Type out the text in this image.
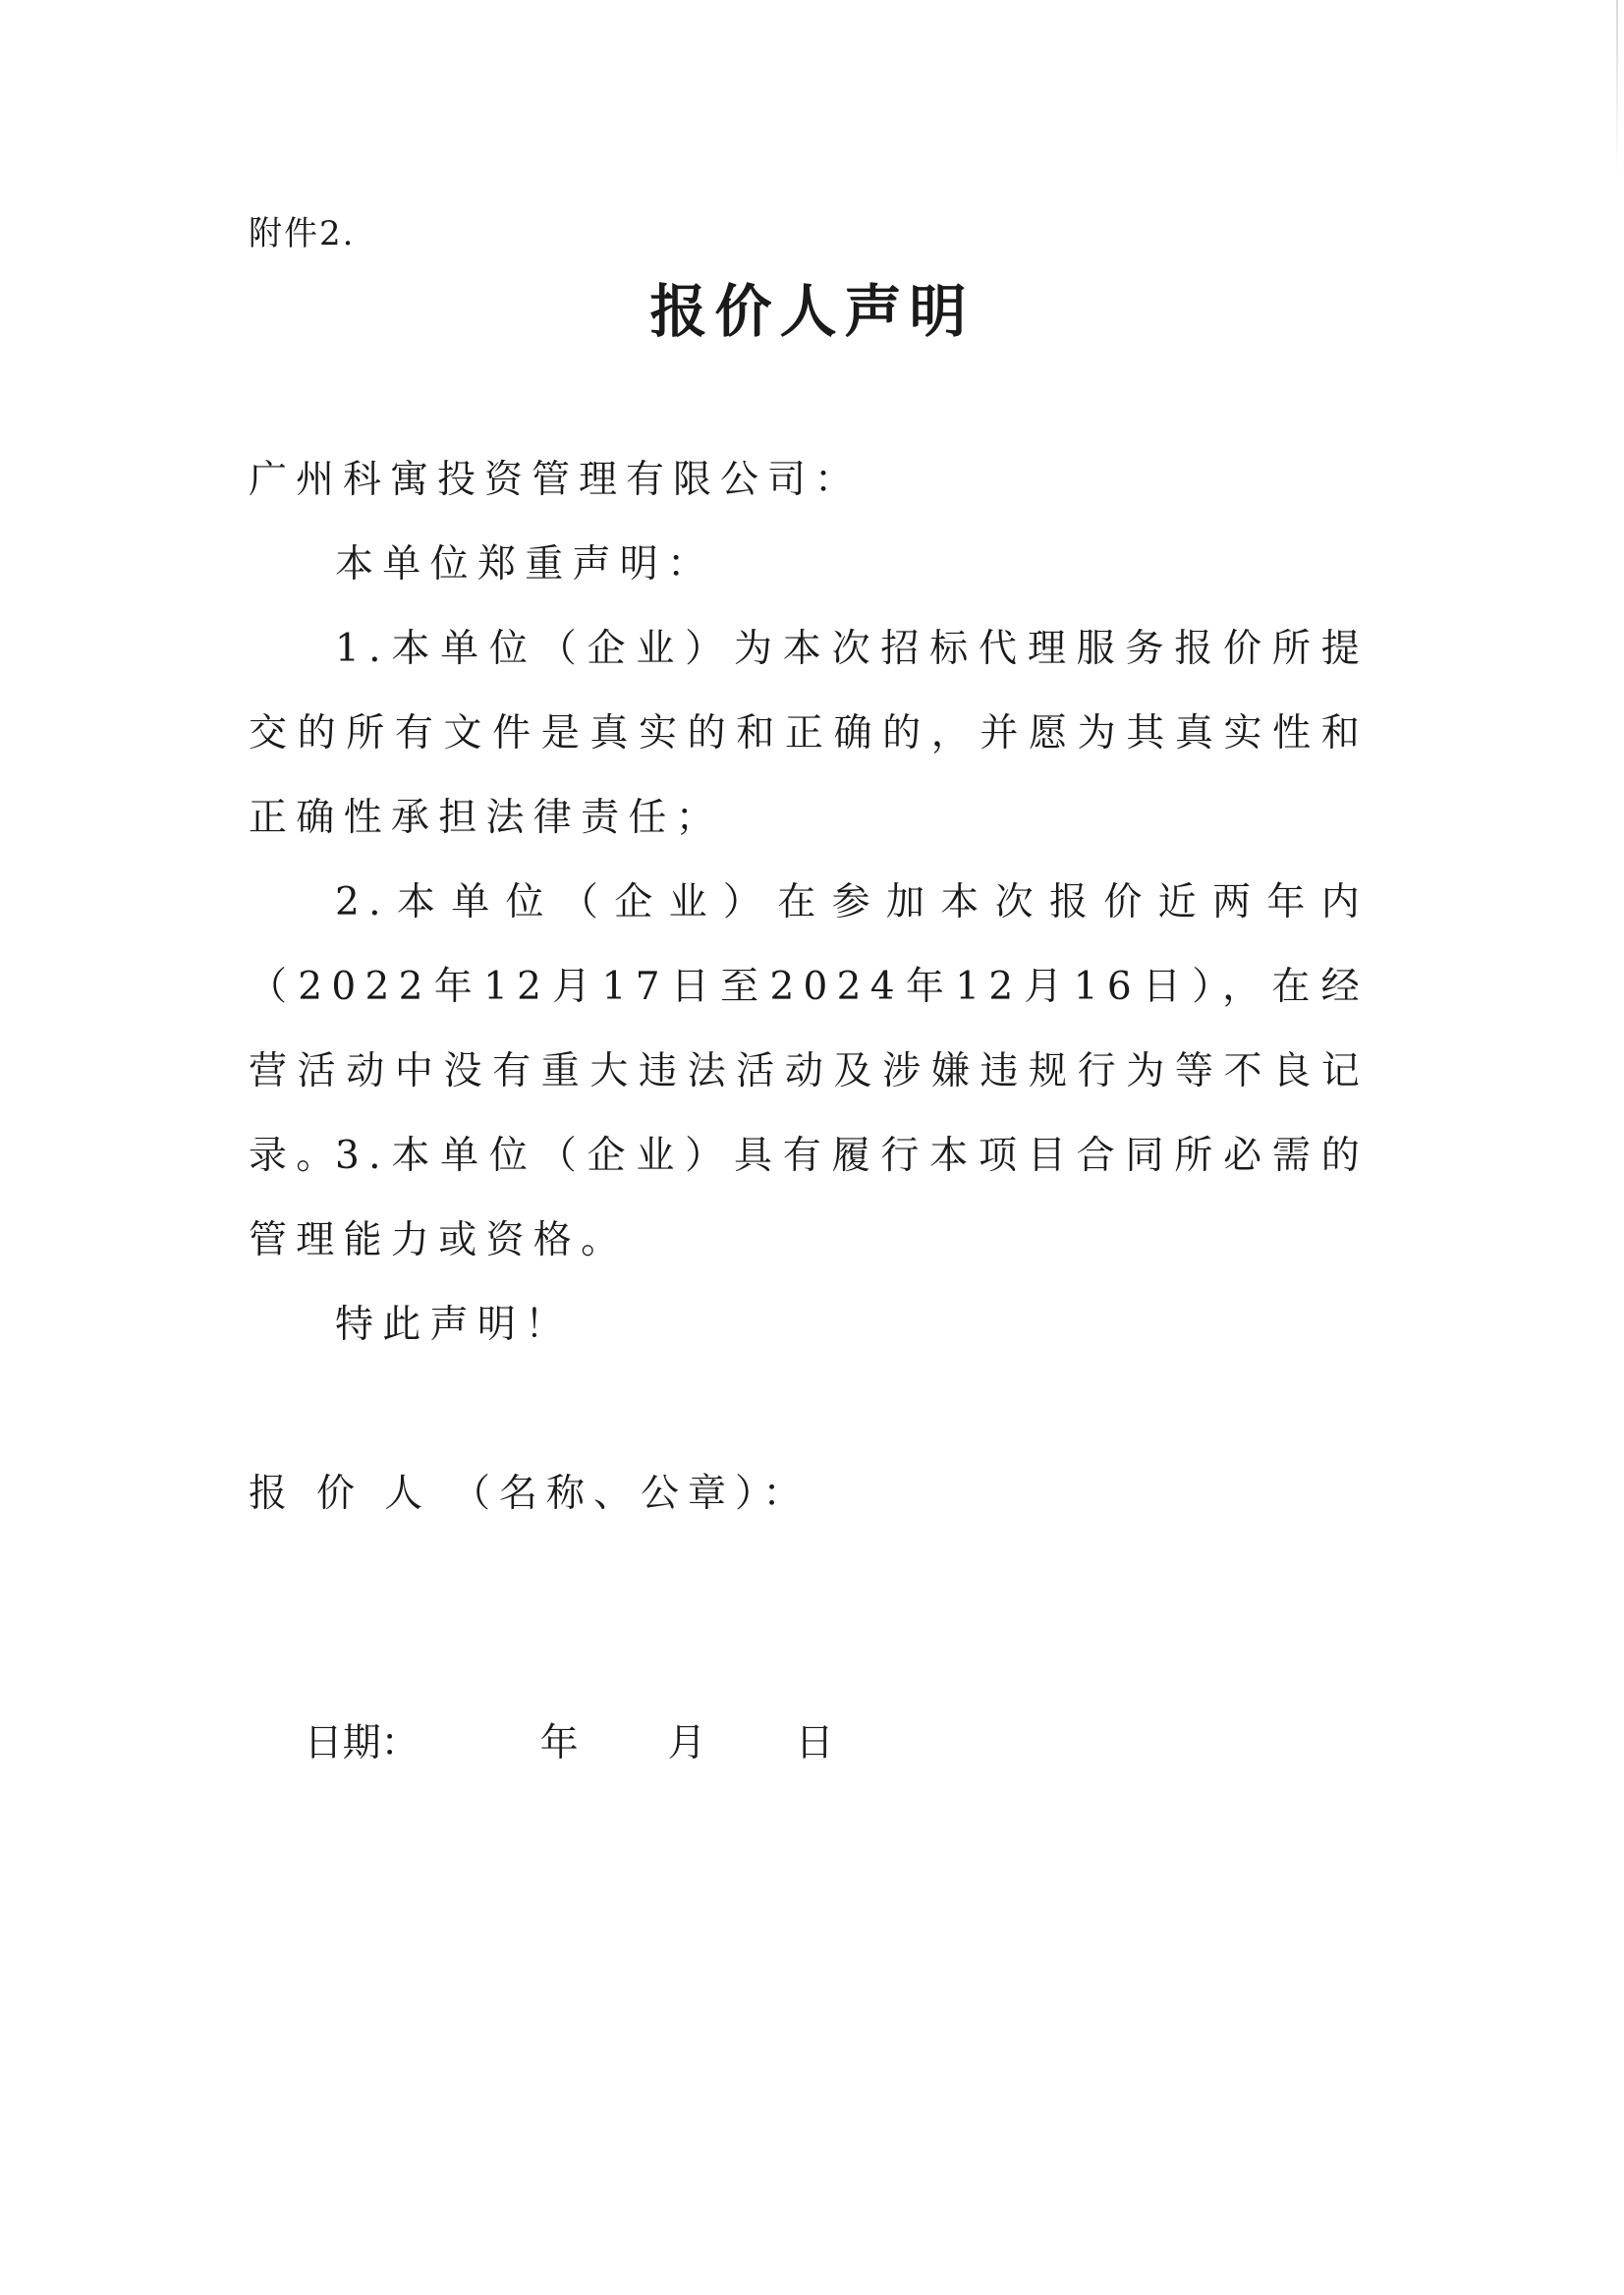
附件2.
报价人声明
广州科寓投资管理有限公司：
本单位郑重声明：
1.本单位（企业）为本次招标代理服务报价所提交的所有文件是真实的和正确的，并愿为其真实性和正确性承担法律责任；
2.本单位（企业）在参加本次报价近两年内（2022年12月17日至2024年12月16日），在经营活动中没有重大违法活动及涉嫌违规行为等不良记录。
3.本单位（企业）具有履行本项目合同所必需的管理能力或资格。
特此声明！
报价人（名称、公章）：

日期：	年 月 日
